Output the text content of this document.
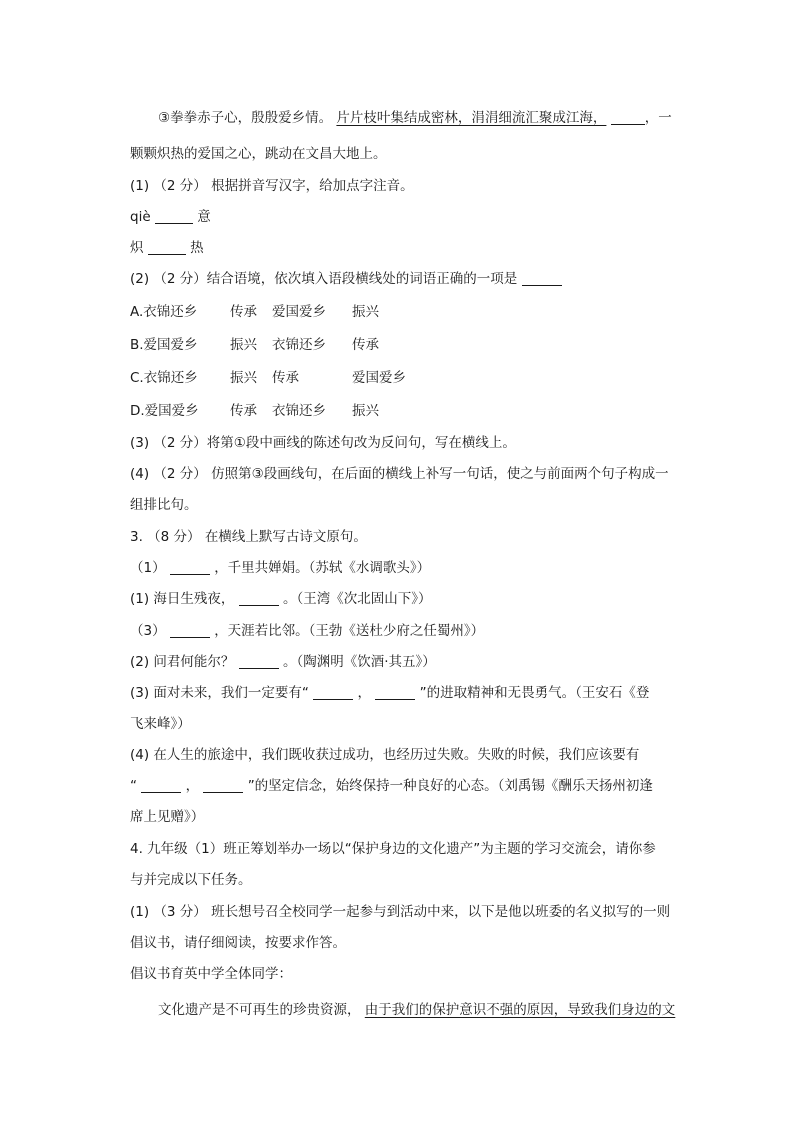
③拳拳赤子心，殷殷爱乡情。 片片枝叶集结成密林，涓涓细流汇聚成江海，	，一
颗颗炽热的爱国之心，跳动在文昌大地上。
(1) （2 分） 根据拼音写汉字，给加点字注音。
qiè	意
炽	热
(2) （2 分）结合语境，依次填入语段横线处的词语正确的一项是
A.衣锦还乡 传承 爱国爱乡 振兴
B.爱国爱乡 振兴 衣锦还乡 传承
C.衣锦还乡 振兴 传承	爱国爱乡
D.爱国爱乡 传承 衣锦还乡 振兴
(3) （2 分）将第①段中画线的陈述句改为反问句，写在横线上。
(4) （2 分） 仿照第③段画线句，在后面的横线上补写一句话，使之与前面两个句子构成一
组排比句。
3. （8 分） 在横线上默写古诗文原句。
（1）	，千里共婵娟。（苏轼《水调歌头》）
(1) 海日生残夜，	。（王湾《次北固山下》）
（3）	，天涯若比邻。（王勃《送杜少府之任蜀州》）
(2) 问君何能尔？	。（陶渊明《饮酒·其五》）
(3) 面对未来，我们一定要有“	，	”的进取精神和无畏勇气。（王安石《登
飞来峰》）
(4) 在人生的旅途中，我们既收获过成功，也经历过失败。失败的时候，我们应该要有
“	，	”的坚定信念，始终保持一种良好的心态。（刘禹锡《酬乐天扬州初逢
席上见赠》）
4. 九年级（1）班正筹划举办一场以“保护身边的文化遗产”为主题的学习交流会，请你参
与并完成以下任务。
(1) （3 分） 班长想号召全校同学一起参与到活动中来，以下是他以班委的名义拟写的一则
倡议书，请仔细阅读，按要求作答。
倡议书育英中学全体同学：
文化遗产是不可再生的珍贵资源， 由于我们的保护意识不强的原因，导致我们身边的文
